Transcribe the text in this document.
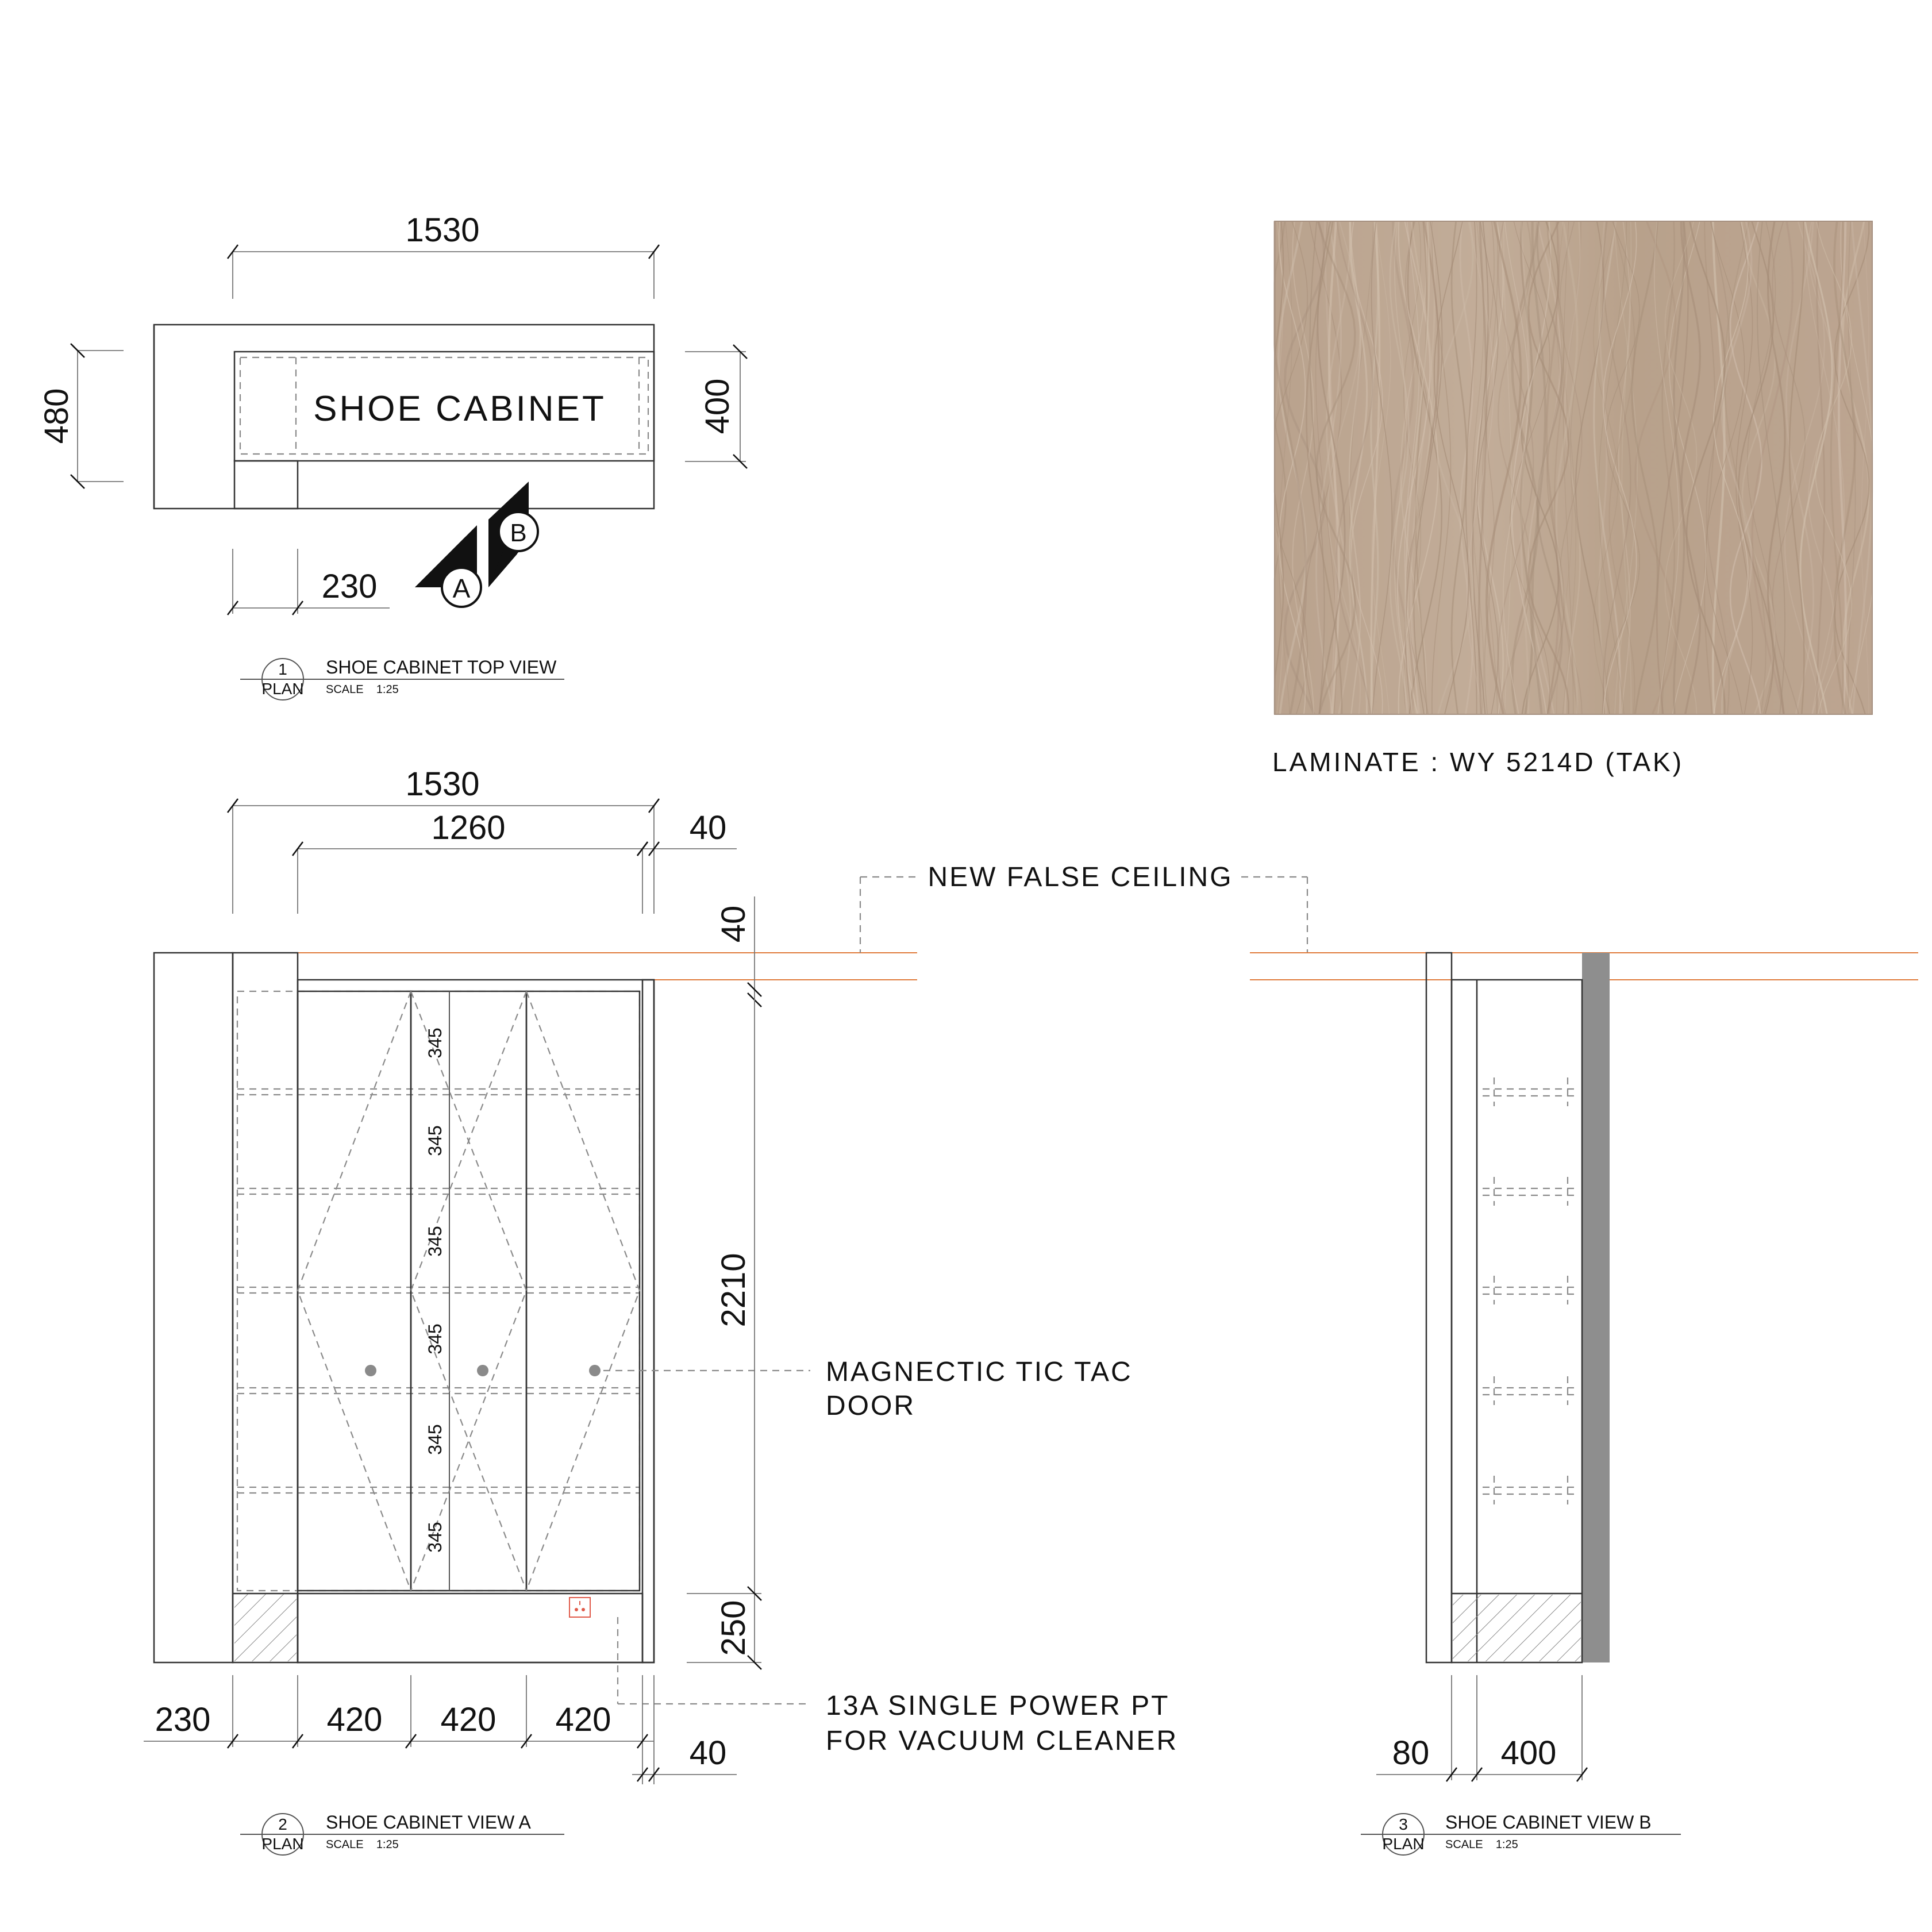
1530
480	400
SHOE CABINET
230	A
B
1
PLAN
SHOE CABINET TOP VIEW
SCALE    1:25
LAMINATE : WY 5214D (TAK)
1530
1260	40
NEW FALSE CEILING
40
345
345
345
345
345
345
2210
250
230	420 420 420
40
MAGNECTIC TIC TAC
DOOR
13A SINGLE POWER PT
FOR VACUUM CLEANER
2
PLAN
SHOE CABINET VIEW A
SCALE    1:25
80 400
3
PLAN
SHOE CABINET VIEW B
SCALE    1:25
